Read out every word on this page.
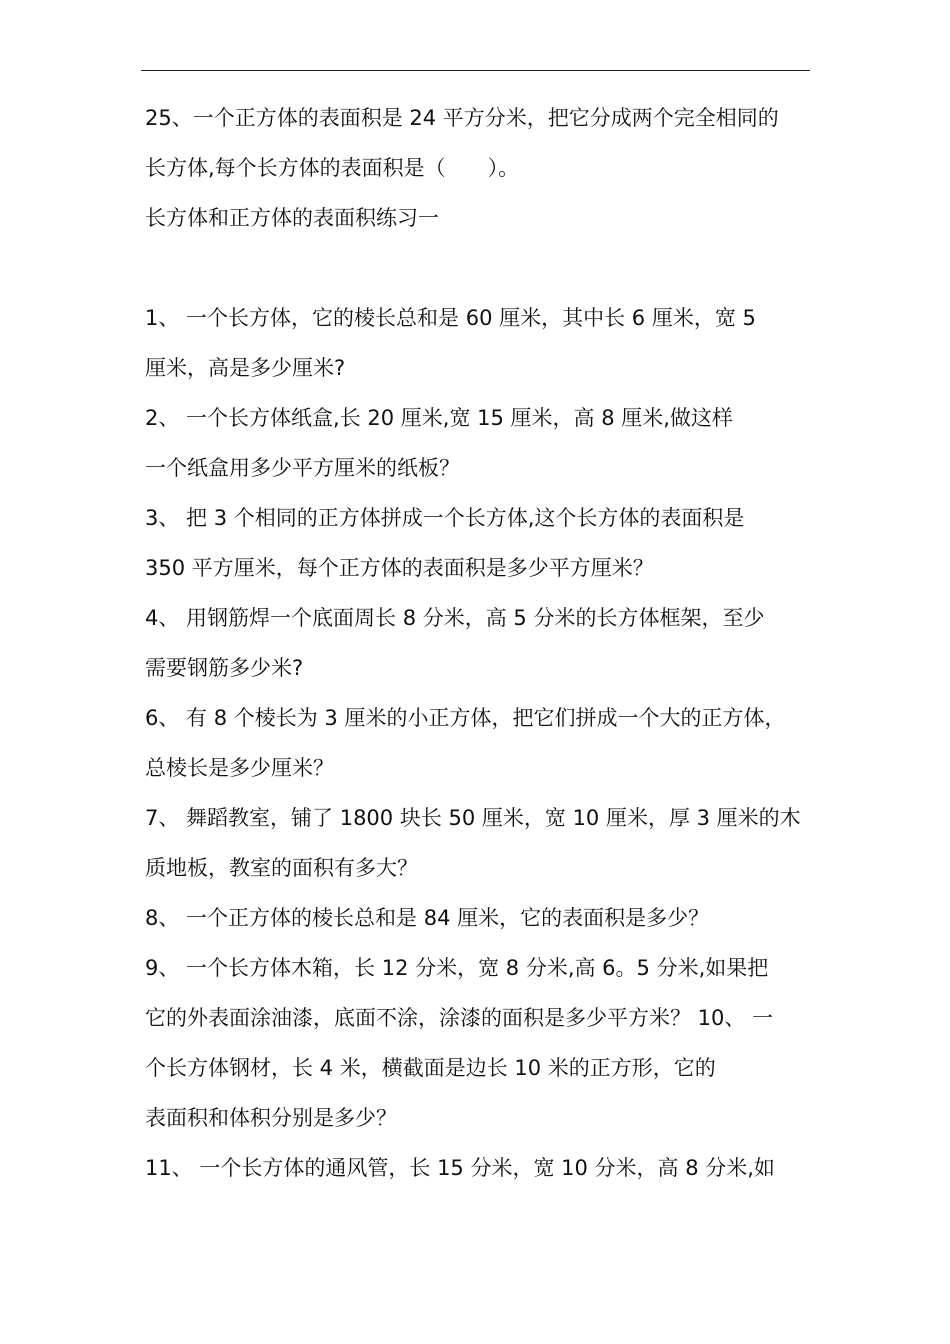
25、一个正方体的表面积是 24 平方分米，把它分成两个完全相同的
长方体,每个长方体的表面积是（　　）。
长方体和正方体的表面积练习一
1、 一个长方体，它的棱长总和是 60 厘米，其中长 6 厘米，宽 5
厘米，高是多少厘米?
2、 一个长方体纸盒,长 20 厘米,宽 15 厘米，高 8 厘米,做这样
一个纸盒用多少平方厘米的纸板？
3、 把 3 个相同的正方体拼成一个长方体,这个长方体的表面积是
350 平方厘米，每个正方体的表面积是多少平方厘米？
4、 用钢筋焊一个底面周长 8 分米，高 5 分米的长方体框架，至少
需要钢筋多少米?
6、 有 8 个棱长为 3 厘米的小正方体，把它们拼成一个大的正方体，
总棱长是多少厘米？
7、 舞蹈教室，铺了 1800 块长 50 厘米，宽 10 厘米，厚 3 厘米的木
质地板，教室的面积有多大？
8、 一个正方体的棱长总和是 84 厘米，它的表面积是多少？
9、 一个长方体木箱，长 12 分米，宽 8 分米,高 6。5 分米,如果把
它的外表面涂油漆，底面不涂，涂漆的面积是多少平方米？ 10、 一
个长方体钢材，长 4 米，横截面是边长 10 米的正方形，它的
表面积和体积分别是多少？
11、 一个长方体的通风管，长 15 分米，宽 10 分米，高 8 分米,如
